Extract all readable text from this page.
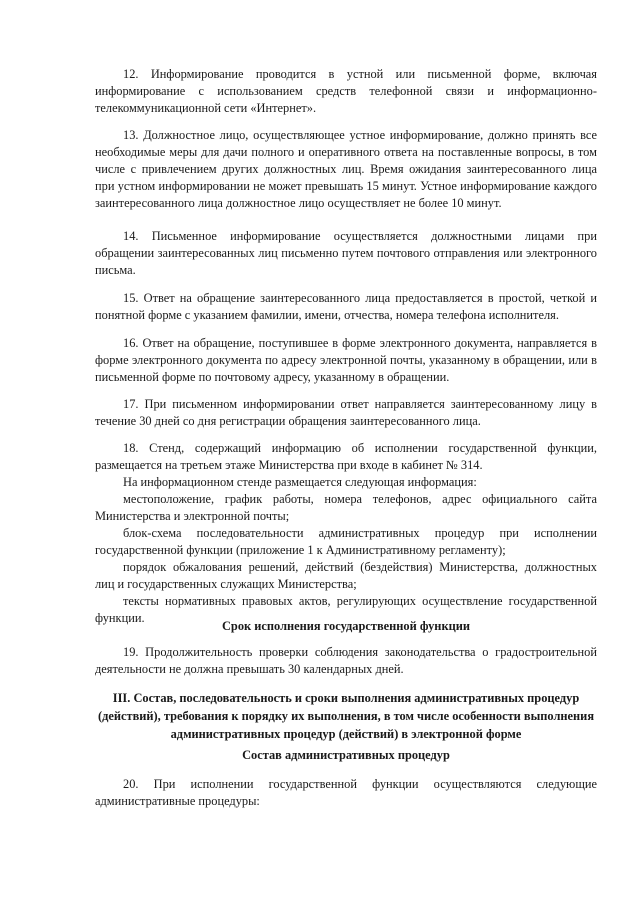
12. Информирование проводится в устной или письменной форме, включая информирование с использованием средств телефонной связи и информационно-телекоммуникационной сети «Интернет».

13. Должностное лицо, осуществляющее устное информирование, должно принять все необходимые меры для дачи полного и оперативного ответа на поставленные вопросы, в том числе с привлечением других должностных лиц. Время ожидания заинтересованного лица при устном информировании не может превышать 15 минут. Устное информирование каждого заинтересованного лица должностное лицо осуществляет не более 10 минут.

14. Письменное информирование осуществляется должностными лицами при обращении заинтересованных лиц письменно путем почтового отправления или электронного письма.

15. Ответ на обращение заинтересованного лица предоставляется в простой, четкой и понятной форме с указанием фамилии, имени, отчества, номера телефона исполнителя.

16. Ответ на обращение, поступившее в форме электронного документа, направляется в форме электронного документа по адресу электронной почты, указанному в обращении, или в письменной форме по почтовому адресу, указанному в обращении.

17. При письменном информировании ответ направляется заинтересованному лицу в течение 30 дней со дня регистрации обращения заинтересованного лица.

18. Стенд, содержащий информацию об исполнении государственной функции, размещается на третьем этаже Министерства при входе в кабинет № 314.

На информационном стенде размещается следующая информация:

местоположение, график работы, номера телефонов, адрес официального сайта Министерства и электронной почты;

блок-схема последовательности административных процедур при исполнении государственной функции (приложение 1 к Административному регламенту);

порядок обжалования решений, действий (бездействия) Министерства, должностных лиц и государственных служащих Министерства;

тексты нормативных правовых актов, регулирующих осуществление государственной функции.

Срок исполнения государственной функции

19. Продолжительность проверки соблюдения законодательства о градостроительной деятельности не должна превышать 30 календарных дней.

III. Состав, последовательность и сроки выполнения административных процедур (действий), требования к порядку их выполнения, в том числе особенности выполнения административных процедур (действий) в электронной форме
Состав административных процедур

20. При исполнении государственной функции осуществляются следующие административные процедуры:
